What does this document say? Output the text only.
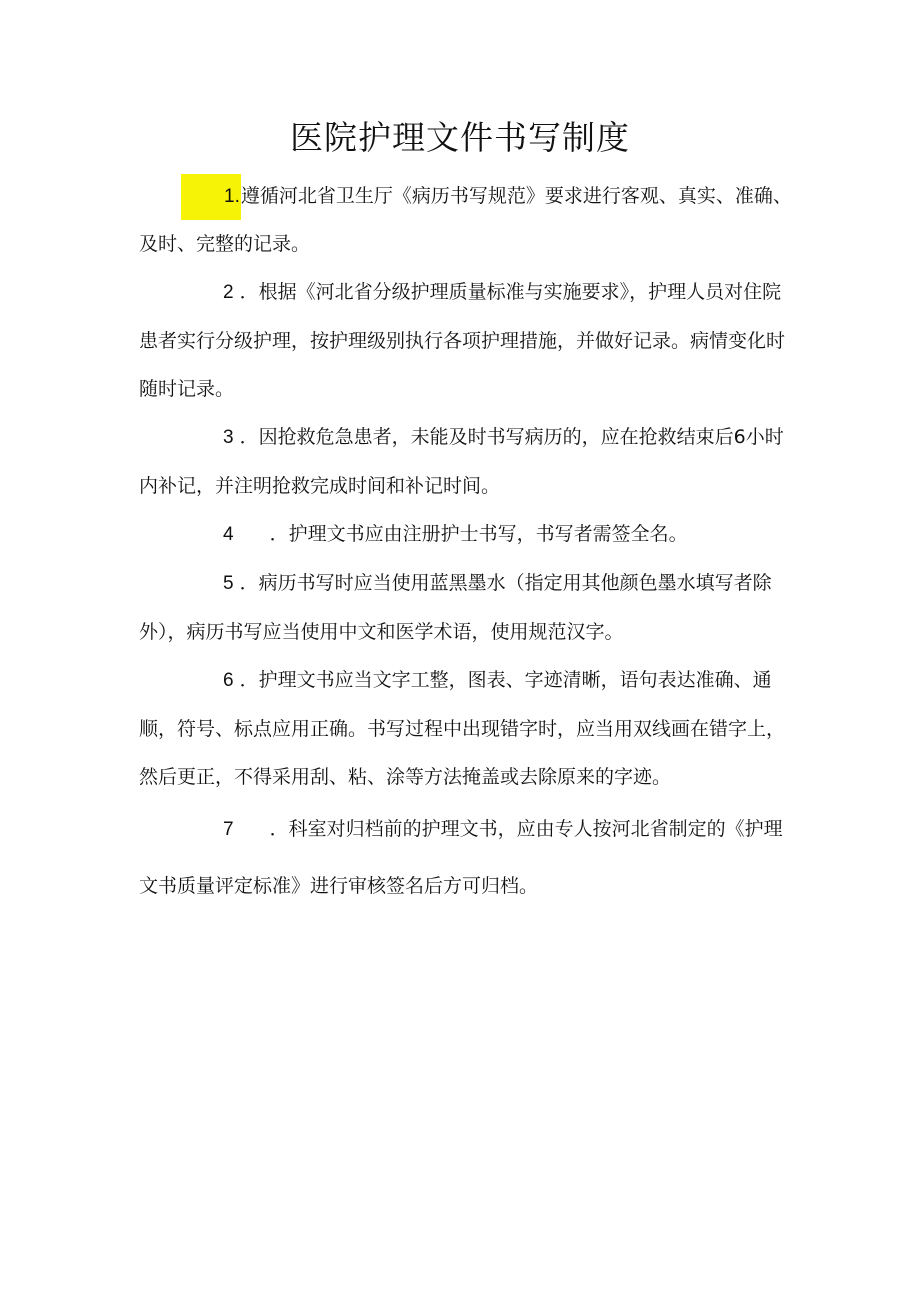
医院护理文件书写制度

1.遵循河北省卫生厅《病历书写规范》要求进行客观、真实、准确、及时、完整的记录。

2 ．根据《河北省分级护理质量标准与实施要求》，护理人员对住院患者实行分级护理，按护理级别执行各项护理措施，并做好记录。病情变化时随时记录。

3 ．因抢救危急患者，未能及时书写病历的，应在抢救结束后6小时内补记，并注明抢救完成时间和补记时间。

4 ．护理文书应由注册护士书写，书写者需签全名。

5 ．病历书写时应当使用蓝黑墨水（指定用其他颜色墨水填写者除外），病历书写应当使用中文和医学术语，使用规范汉字。

6 ．护理文书应当文字工整，图表、字迹清晰，语句表达准确、通顺，符号、标点应用正确。书写过程中出现错字时，应当用双线画在错字上，然后更正，不得采用刮、粘、涂等方法掩盖或去除原来的字迹。

7 ．科室对归档前的护理文书，应由专人按河北省制定的《护理文书质量评定标准》进行审核签名后方可归档。
